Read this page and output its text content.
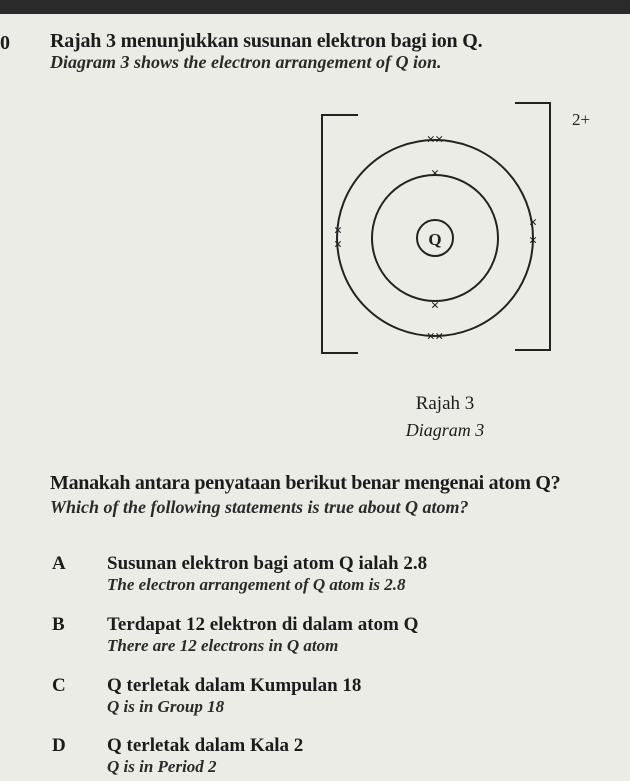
0 Rajah 3 menunjukkan susunan elektron bagi ion Q.
Diagram 3 shows the electron arrangement of Q ion.
2+
Q
×
×
××
××
×
×
×
×
Rajah 3
Diagram 3
Manakah antara penyataan berikut benar mengenai atom Q?
Which of the following statements is true about Q atom?
A Susunan elektron bagi atom Q ialah 2.8
The electron arrangement of Q atom is 2.8
B Terdapat 12 elektron di dalam atom Q
There are 12 electrons in Q atom
C Q terletak dalam Kumpulan 18
Q is in Group 18
D Q terletak dalam Kala 2
Q is in Period 2
